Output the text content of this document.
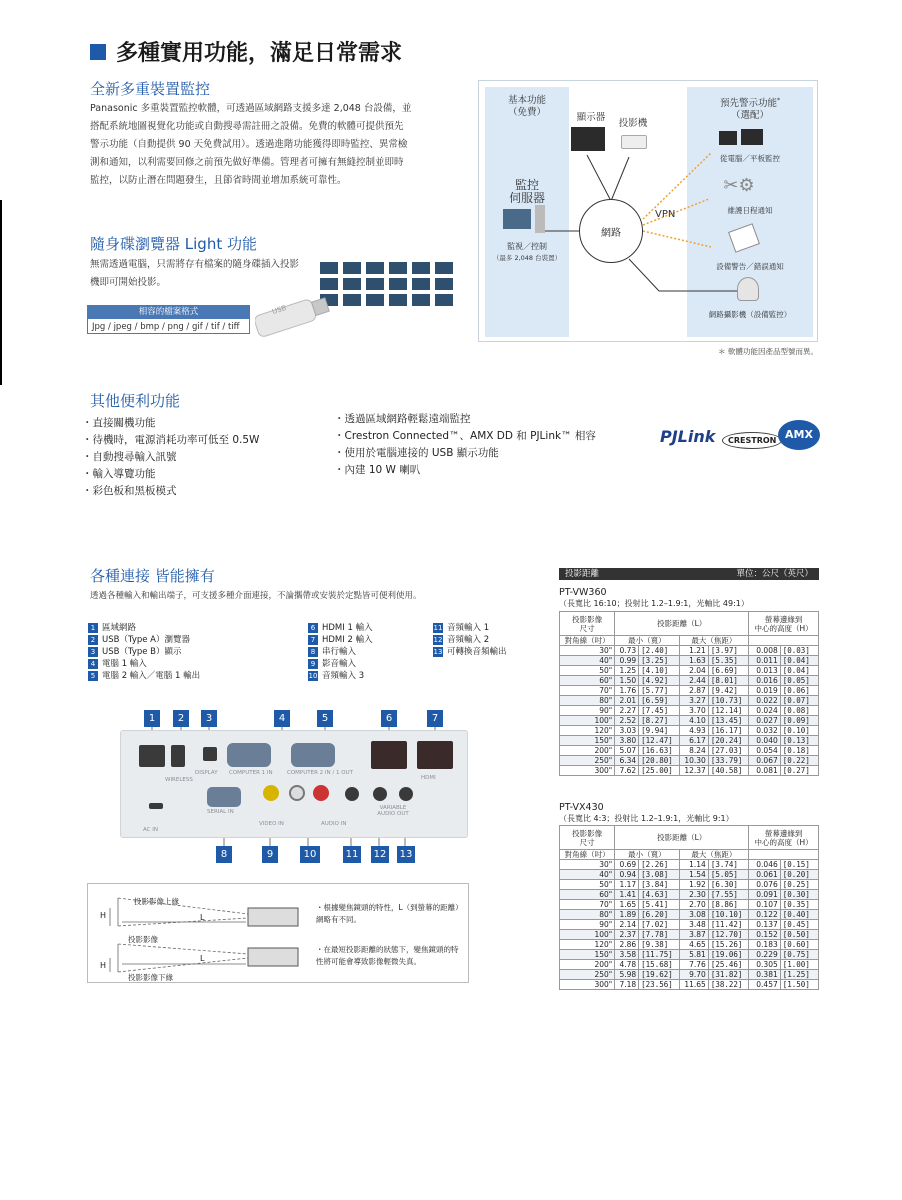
多種實用功能，滿足日常需求
全新多重裝置監控

Panasonic 多重裝置監控軟體，可透過區域網路支援多達 2,048 台設備，並
搭配系統地圖視覺化功能或自動搜尋需註冊之設備。免費的軟體可提供預先
警示功能（自動提供 90 天免費試用）。透過進階功能獲得即時監控、異常檢
測和通知，以利需要回修之前預先做好準備。管理者可擁有無縫控制並即時
監控，以防止潛在問題發生，且節省時間並增加系統可靠性。

基本功能
（免費）
監控
伺服器
監視／控制
（最多 2,048 台裝置）
顯示器
投影機
網路
VPN
預先警示功能*
（選配）
從電腦／平板監控
✂⚙
維護日程通知
設備警告／錯誤通知
網路攝影機（設備監控）
＊ 軟體功能因產品型號而異。
隨身碟瀏覽器 Light 功能

無需透過電腦，只需將存有檔案的隨身碟插入投影
機即可開始投影。

相容的檔案格式
Jpg / jpeg / bmp / png / gif / tif / tiff
USB
其他便利功能
・ 直接關機功能
・ 待機時，電源消耗功率可低至 0.5W
・ 自動搜尋輸入訊號
・ 輸入導覽功能
・ 彩色板和黑板模式
・ 透過區域網路輕鬆遠端監控
・ Crestron Connected™、AMX DD 和 PJLink™ 相容
・ 使用於電腦連接的 USB 顯示功能
・ 內建 10 W 喇叭
PJLink	CRESTRON AMX
各種連接 皆能擁有
透過各種輸入和輸出端子，可支援多種介面連接，不論攜帶或安裝於定點皆可便利使用。
1 區域網路
2 USB（Type A）瀏覽器
3 USB（Type B）顯示
4 電腦 1 輸入
5 電腦 2 輸入／電腦 1 輸出
6 HDMI 1 輸入
7 HDMI 2 輸入
8 串行輸入
9 影音輸入
10 音頻輸入 3
11 音頻輸入 1
12 音頻輸入 2
13 可轉換音頻輸出
1	2	3	4	5	6	7
DISPLAY COMPUTER 1 IN	COMPUTER 2 IN / 1 OUT
WIRELESS
SERIAL IN
VIDEO IN	AUDIO IN
VARIABLE AUDIO OUT
HDMI
AC IN
8	9	10	11 12 13
投影影像上緣
投影影像
投影影像下緣
H
H
L
L
・根據變焦鏡頭的特性，L（到螢幕的距離）網略有不同。
・在最短投影距離的狀態下，變焦鏡頭的特性將可能會導致影像輕微失真。
投影距離	單位：公尺（英尺）
PT-VW360
（長寬比 16:10；投射比 1.2–1.9:1，光軸比 49:1）
投影影像
尺寸	投影距離（L）				螢幕邊緣到
中心的高度（H）	
對角線（吋）	最小（寬）		最大（焦距）			
30"	0.73	[2.40]	1.21	[3.97]	0.008	[0.03]
40"	0.99	[3.25]	1.63	[5.35]	0.011	[0.04]
50"	1.25	[4.10]	2.04	[6.69]	0.013	[0.04]
60"	1.50	[4.92]	2.44	[8.01]	0.016	[0.05]
70"	1.76	[5.77]	2.87	[9.42]	0.019	[0.06]
80"	2.01	[6.59]	3.27	[10.73]	0.022	[0.07]
90"	2.27	[7.45]	3.70	[12.14]	0.024	[0.08]
100"	2.52	[8.27]	4.10	[13.45]	0.027	[0.09]
120"	3.03	[9.94]	4.93	[16.17]	0.032	[0.10]
150"	3.80	[12.47]	6.17	[20.24]	0.040	[0.13]
200"	5.07	[16.63]	8.24	[27.03]	0.054	[0.18]
250"	6.34	[20.80]	10.30	[33.79]	0.067	[0.22]
300"	7.62	[25.00]	12.37	[40.58]	0.081	[0.27]
PT-VX430
（長寬比 4:3；投射比 1.2–1.9:1，光軸比 9:1）
投影影像
尺寸	投影距離（L）				螢幕邊緣到
中心的高度（H）	
對角線（吋）	最小（寬）		最大（焦距）			
30"	0.69	[2.26]	1.14	[3.74]	0.046	[0.15]
40"	0.94	[3.08]	1.54	[5.05]	0.061	[0.20]
50"	1.17	[3.84]	1.92	[6.30]	0.076	[0.25]
60"	1.41	[4.63]	2.30	[7.55]	0.091	[0.30]
70"	1.65	[5.41]	2.70	[8.86]	0.107	[0.35]
80"	1.89	[6.20]	3.08	[10.10]	0.122	[0.40]
90"	2.14	[7.02]	3.48	[11.42]	0.137	[0.45]
100"	2.37	[7.78]	3.87	[12.70]	0.152	[0.50]
120"	2.86	[9.38]	4.65	[15.26]	0.183	[0.60]
150"	3.58	[11.75]	5.81	[19.06]	0.229	[0.75]
200"	4.78	[15.68]	7.76	[25.46]	0.305	[1.00]
250"	5.98	[19.62]	9.70	[31.82]	0.381	[1.25]
300"	7.18	[23.56]	11.65	[38.22]	0.457	[1.50]
